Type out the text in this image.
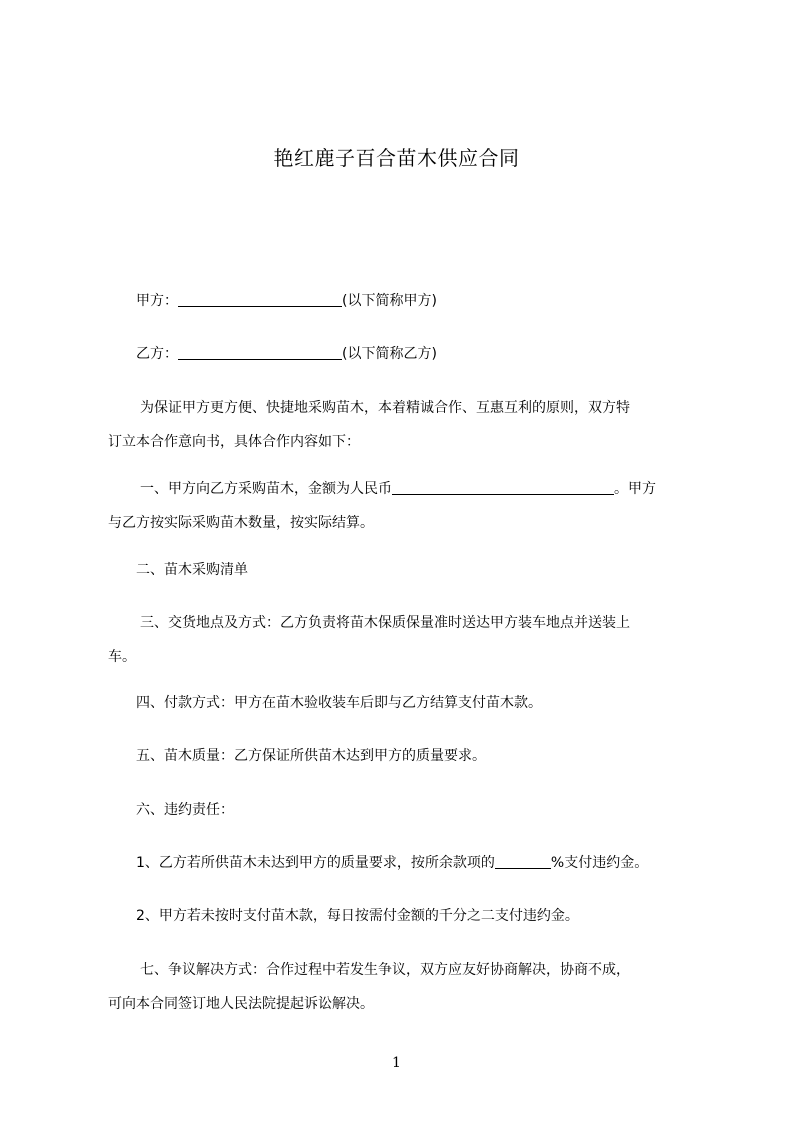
艳红鹿子百合苗木供应合同
甲方：	(以下简称甲方)
乙方：	(以下简称乙方)
为保证甲方更方便、快捷地采购苗木，本着精诚合作、互惠互利的原则，双方特
订立本合作意向书，具体合作内容如下：
一、甲方向乙方采购苗木，金额为人民币	。甲方
与乙方按实际采购苗木数量，按实际结算。
二、苗木采购清单
三、交货地点及方式：乙方负责将苗木保质保量准时送达甲方装车地点并送装上
车。
四、付款方式：甲方在苗木验收装车后即与乙方结算支付苗木款。
五、苗木质量：乙方保证所供苗木达到甲方的质量要求。
六、违约责任：
1、乙方若所供苗木未达到甲方的质量要求，按所余款项的	%支付违约金。
2、甲方若未按时支付苗木款，每日按需付金额的千分之二支付违约金。
七、争议解决方式：合作过程中若发生争议，双方应友好协商解决，协商不成，
可向本合同签订地人民法院提起诉讼解决。
1
